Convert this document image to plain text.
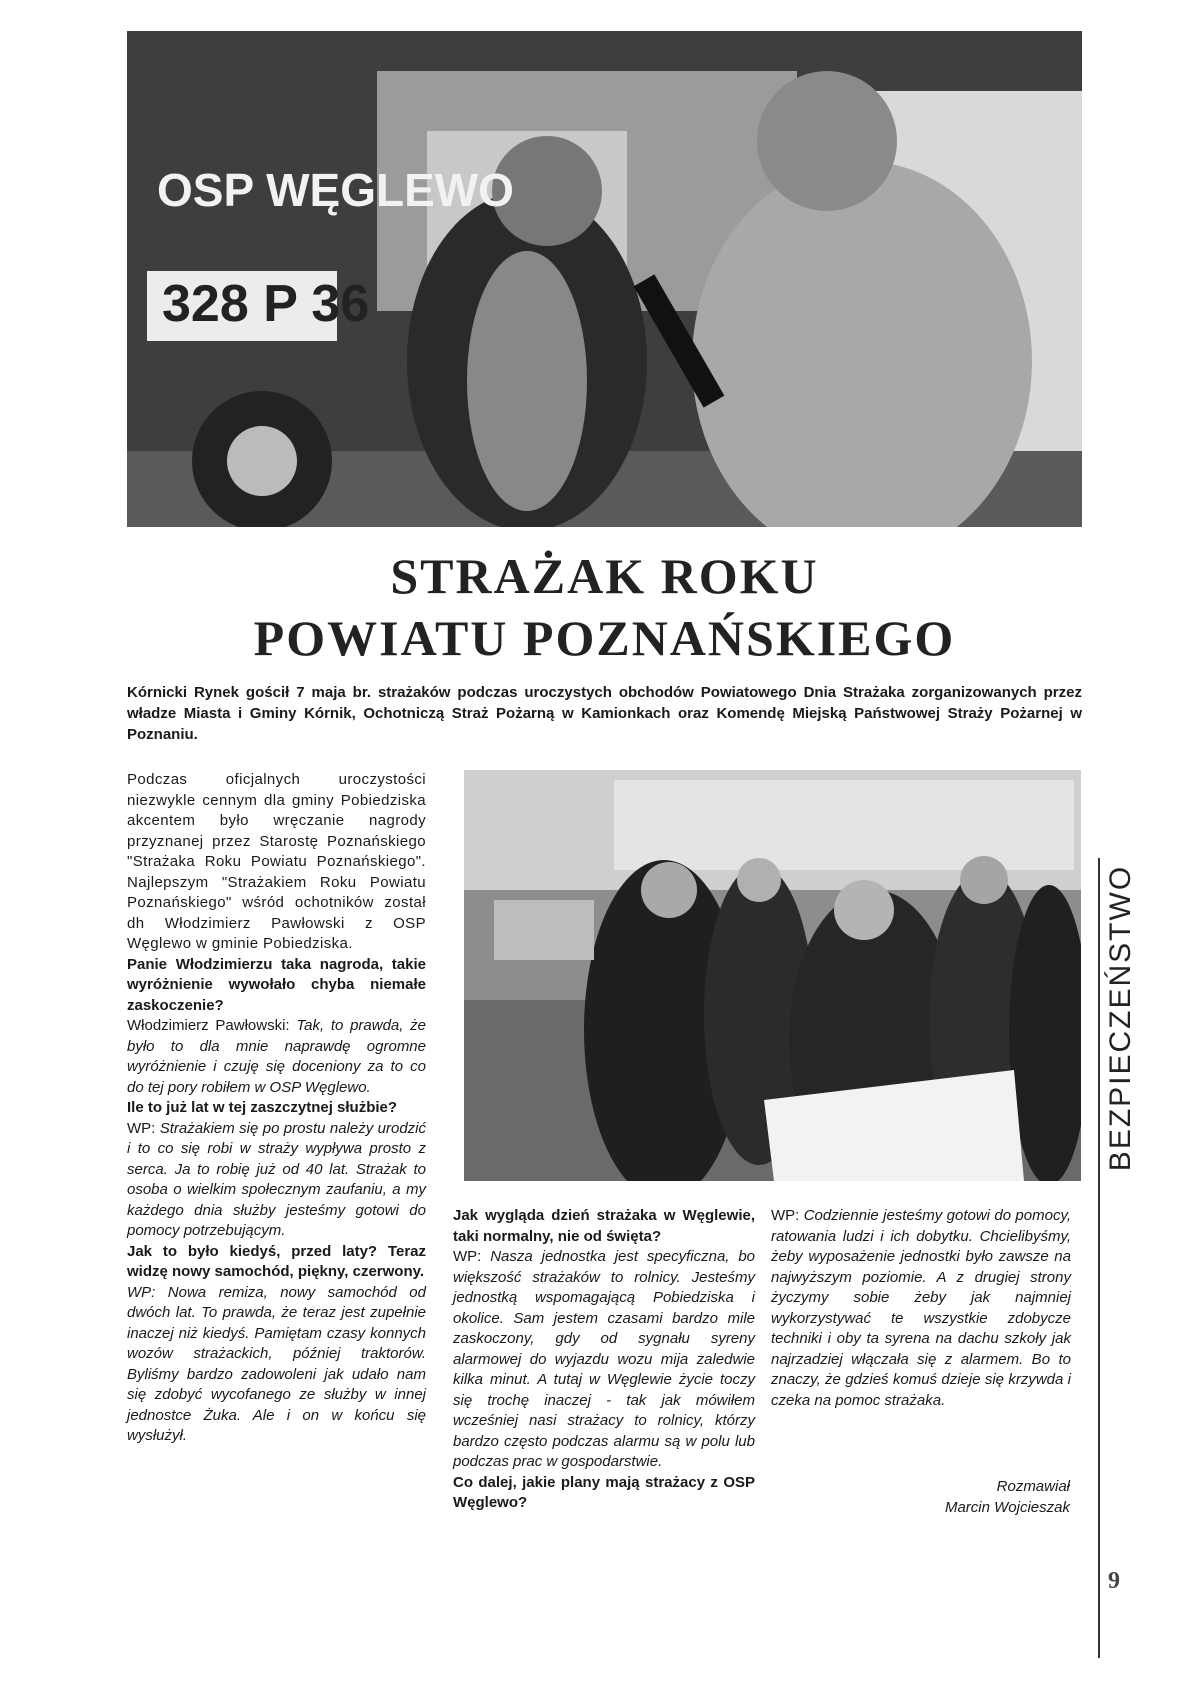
OSP WĘGLEWO
328 P 36
STRAŻAK ROKU
POWIATU POZNAŃSKIEGO

Kórnicki Rynek gościł 7 maja br. strażaków podczas uroczystych obchodów Powiatowego Dnia Strażaka zorganizowanych przez władze Miasta i Gminy Kórnik, Ochotniczą Straż Pożarną w Kamionkach oraz Komendę Miejską Państwowej Straży Pożarnej w Poznaniu.

Podczas oficjalnych uroczystości niezwykle cennym dla gminy Pobiedziska akcentem było wręczanie nagrody przyznanej przez Starostę Poznańskiego "Strażaka Roku Powiatu Poznańskiego". Najlepszym "Strażakiem Roku Powiatu Poznańskiego" wśród ochotników został dh Włodzimierz Pawłowski z OSP Węglewo w gminie Pobiedziska.

Panie Włodzimierzu taka nagroda, takie wyróżnienie wywołało chyba niemałe zaskoczenie?

Włodzimierz Pawłowski: Tak, to prawda, że było to dla mnie naprawdę ogromne wyróżnienie i czuję się doceniony za to co do tej pory robiłem w OSP Węglewo.

Ile to już lat w tej zaszczytnej służbie?

WP: Strażakiem się po prostu należy urodzić i to co się robi w straży wypływa prosto z serca. Ja to robię już od 40 lat. Strażak to osoba o wielkim społecznym zaufaniu, a my każdego dnia służby jesteśmy gotowi do pomocy potrzebującym.

Jak to było kiedyś, przed laty? Teraz widzę nowy samochód, piękny, czerwony.

WP: Nowa remiza, nowy samochód od dwóch lat. To prawda, że teraz jest zupełnie inaczej niż kiedyś. Pamiętam czasy konnych wozów strażackich, później traktorów. Byliśmy bardzo zadowoleni jak udało nam się zdobyć wycofanego ze służby w innej jednostce Żuka. Ale i on w końcu się wysłużył.

Jak wygląda dzień strażaka w Węglewie, taki normalny, nie od święta?

WP: Nasza jednostka jest specyficzna, bo większość strażaków to rolnicy. Jesteśmy jednostką wspomagającą Pobiedziska i okolice. Sam jestem czasami bardzo mile zaskoczony, gdy od sygnału syreny alarmowej do wyjazdu wozu mija zaledwie kilka minut. A tutaj w Węglewie życie toczy się trochę inaczej - tak jak mówiłem wcześniej nasi strażacy to rolnicy, którzy bardzo często podczas alarmu są w polu lub podczas prac w gospodarstwie.

Co dalej, jakie plany mają strażacy z OSP Węglewo?

WP: Codziennie jesteśmy gotowi do pomocy, ratowania ludzi i ich dobytku. Chcielibyśmy, żeby wyposażenie jednostki było zawsze na najwyższym poziomie. A z drugiej strony życzymy sobie żeby jak najmniej wykorzystywać te wszystkie zdobycze techniki i oby ta syrena na dachu szkoły jak najrzadziej włączała się z alarmem. Bo to znaczy, że gdzieś komuś dzieje się krzywda i czeka na pomoc strażaka.

Rozmawiał
Marcin Wojcieszak
BEZPIECZEŃSTWO
9
